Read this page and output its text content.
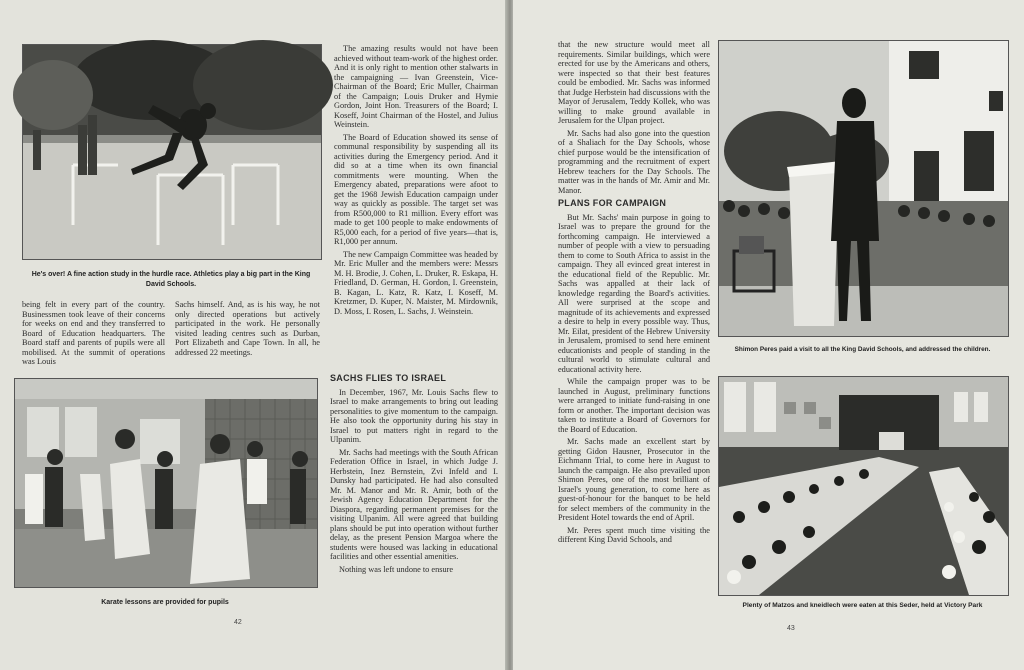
He's over! A fine action study in the hurdle race. Athletics play a big part in the King David Schools.

being felt in every part of the country. Businessmen took leave of their concerns for weeks on end and they transferred to Board of Education headquarters. The Board staff and parents of pupils were all mobilised. At the summit of operations was Louis

Sachs himself. And, as is his way, he not only directed operations but actively participated in the work. He personally visited leading centres such as Durban, Port Elizabeth and Cape Town. In all, he addressed 22 meetings.

The amazing results would not have been achieved without team-work of the highest order. And it is only right to mention other stalwarts in the campaigning — Ivan Greenstein, Vice-Chairman of the Board; Eric Muller, Chairman of the Campaign; Louis Druker and Hymie Gordon, Joint Hon. Treasurers of the Board; I. Koseff, Joint Chairman of the Hostel, and Julius Weinstein.

The Board of Education showed its sense of communal responsibility by suspending all its activities during the Emergency period. And it did so at a time when its own financial commitments were mounting. When the Emergency abated, preparations were afoot to get the 1968 Jewish Education campaign under way as quickly as possible. The target set was from R500,000 to R1 million. Every effort was made to get 100 people to make endowments of R5,000 each, for a period of five years—that is, R1,000 per annum.

The new Campaign Committee was headed by Mr. Eric Muller and the members were: Messrs M. H. Brodie, J. Cohen, L. Druker, R. Eskapa, H. Friedland, D. German, H. Gordon, I. Greenstein, B. Kagan, L. Katz, R. Katz, I. Koseff, M. Kretzmer, D. Kuper, N. Maister, M. Mirdownik, D. Moss, I. Rosen, L. Sachs, J. Weinstein.

Karate lessons are provided for pupils
SACHS FLIES TO ISRAEL

In December, 1967, Mr. Louis Sachs flew to Israel to make arrangements to bring out leading personalities to give momentum to the campaign. He also took the opportunity during his stay in Israel to put matters right in regard to the Ulpanim.

Mr. Sachs had meetings with the South African Federation Office in Israel, in which Judge J. Herbstein, Inez Bernstein, Zvi Infeld and I. Dunsky had participated. He had also consulted Mr. M. Manor and Mr. R. Amir, both of the Jewish Agency Education Department for the Diaspora, regarding permanent premises for the visiting Ulpanim. All were agreed that building plans should be put into operation without further delay, as the present Pension Margoa where the students were housed was lacking in educational facilities and other essential amenities.

Nothing was left undone to ensure

42

that the new structure would meet all requirements. Similar buildings, which were erected for use by the Americans and others, were inspected so that their best features could be embodied. Mr. Sachs was informed that Judge Herbstein had discussions with the Mayor of Jerusalem, Teddy Kollek, who was willing to make ground available in Jerusalem for the Ulpan project.

Mr. Sachs had also gone into the question of a Shaliach for the Day Schools, whose chief purpose would be the intensification of programming and the recruitment of expert Hebrew teachers for the Day Schools. The matter was in the hands of Mr. Amir and Mr. Manor.

PLANS FOR CAMPAIGN

But Mr. Sachs' main purpose in going to Israel was to prepare the ground for the forthcoming campaign. He interviewed a number of people with a view to persuading them to come to South Africa to assist in the campaign. They all evinced great interest in the educational field of the Republic. Mr. Sachs was appalled at their lack of knowledge regarding the Board's activities. All were surprised at the scope and magnitude of its achievements and expressed a desire to help in every possible way. Thus, Mr. Eilat, president of the Hebrew University in Jerusalem, promised to send here eminent educationists and people of standing in the cultural world to stimulate cultural and educational activity here.

While the campaign proper was to be launched in August, preliminary functions were arranged to initiate fund-raising in one form or another. The important decision was taken to institute a Board of Governors for the Board of Education.

Mr. Sachs made an excellent start by getting Gidon Hausner, Prosecutor in the Eichmann Trial, to come here in August to launch the campaign. He also prevailed upon Shimon Peres, one of the most brilliant of Israel's young generation, to come here as guest-of-honour for the banquet to be held for select members of the community in the President Hotel towards the end of April.

Mr. Peres spent much time visiting the different King David Schools, and

Shimon Peres paid a visit to all the King David Schools, and addressed the children.
Plenty of Matzos and kneidlech were eaten at this Seder, held at Victory Park
43
